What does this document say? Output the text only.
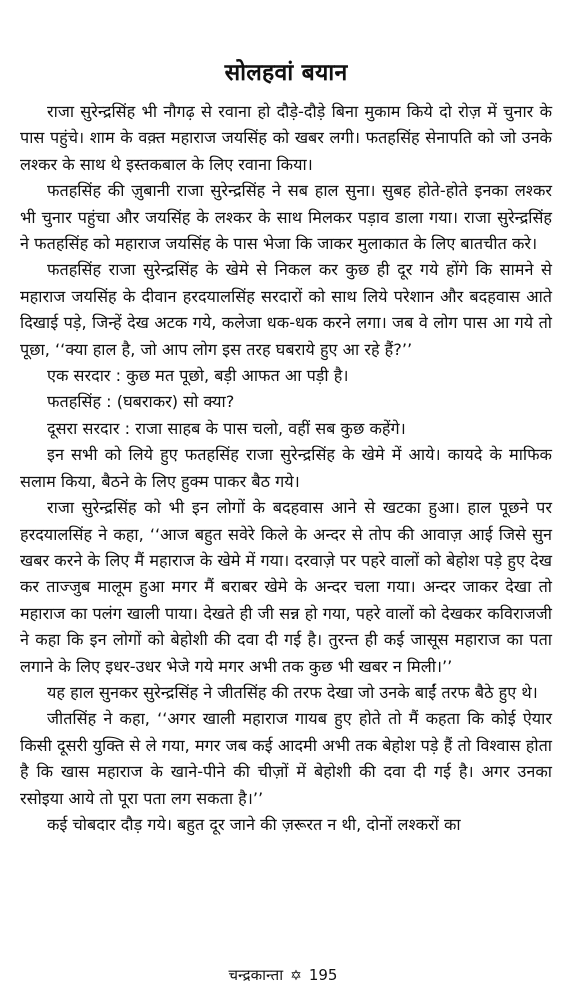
सोलहवां बयान

राजा सुरेन्द्रसिंह भी नौगढ़ से रवाना हो दौड़े-दौड़े बिना मुकाम किये दो रोज़ में चुनार के पास पहुंचे। शाम के वक़्त महाराज जयसिंह को खबर लगी। फतहसिंह सेनापति को जो उनके लश्कर के साथ थे इस्तकबाल के लिए रवाना किया।

फतहसिंह की ज़ुबानी राजा सुरेन्द्रसिंह ने सब हाल सुना। सुबह होते-होते इनका लश्कर भी चुनार पहुंचा और जयसिंह के लश्कर के साथ मिलकर पड़ाव डाला गया। राजा सुरेन्द्रसिंह ने फतहसिंह को महाराज जयसिंह के पास भेजा कि जाकर मुलाकात के लिए बातचीत करे।

फतहसिंह राजा सुरेन्द्रसिंह के खेमे से निकल कर कुछ ही दूर गये होंगे कि सामने से महाराज जयसिंह के दीवान हरदयालसिंह सरदारों को साथ लिये परेशान और बदहवास आते दिखाई पड़े, जिन्हें देख अटक गये, कलेजा धक-धक करने लगा। जब वे लोग पास आ गये तो पूछा, ‘‘क्या हाल है, जो आप लोग इस तरह घबराये हुए आ रहे हैं?’’

एक सरदार : कुछ मत पूछो, बड़ी आफत आ पड़ी है।

फतहसिंह : (घबराकर) सो क्या?

दूसरा सरदार : राजा साहब के पास चलो, वहीं सब कुछ कहेंगे।

इन सभी को लिये हुए फतहसिंह राजा सुरेन्द्रसिंह के खेमे में आये। कायदे के माफिक सलाम किया, बैठने के लिए हुक्म पाकर बैठ गये।

राजा सुरेन्द्रसिंह को भी इन लोगों के बदहवास आने से खटका हुआ। हाल पूछने पर हरदयालसिंह ने कहा, ‘‘आज बहुत सवेरे किले के अन्दर से तोप की आवाज़ आई जिसे सुन खबर करने के लिए मैं महाराज के खेमे में गया। दरवाज़े पर पहरे वालों को बेहोश पड़े हुए देख कर ताज्जुब मालूम हुआ मगर मैं बराबर खेमे के अन्दर चला गया। अन्दर जाकर देखा तो महाराज का पलंग खाली पाया। देखते ही जी सन्न हो गया, पहरे वालों को देखकर कविराजजी ने कहा कि इन लोगों को बेहोशी की दवा दी गई है। तुरन्त ही कई जासूस महाराज का पता लगाने के लिए इधर-उधर भेजे गये मगर अभी तक कुछ भी खबर न मिली।’’

यह हाल सुनकर सुरेन्द्रसिंह ने जीतसिंह की तरफ देखा जो उनके बाईं तरफ बैठे हुए थे।

जीतसिंह ने कहा, ‘‘अगर खाली महाराज गायब हुए होते तो मैं कहता कि कोई ऐयार किसी दूसरी युक्ति से ले गया, मगर जब कई आदमी अभी तक बेहोश पड़े हैं तो विश्वास होता है कि खास महाराज के खाने-पीने की चीज़ों में बेहोशी की दवा दी गई है। अगर उनका रसोइया आये तो पूरा पता लग सकता है।’’

कई चोबदार दौड़ गये। बहुत दूर जाने की ज़रूरत न थी, दोनों लश्करों का

चन्द्रकान्ता ✡ 195
